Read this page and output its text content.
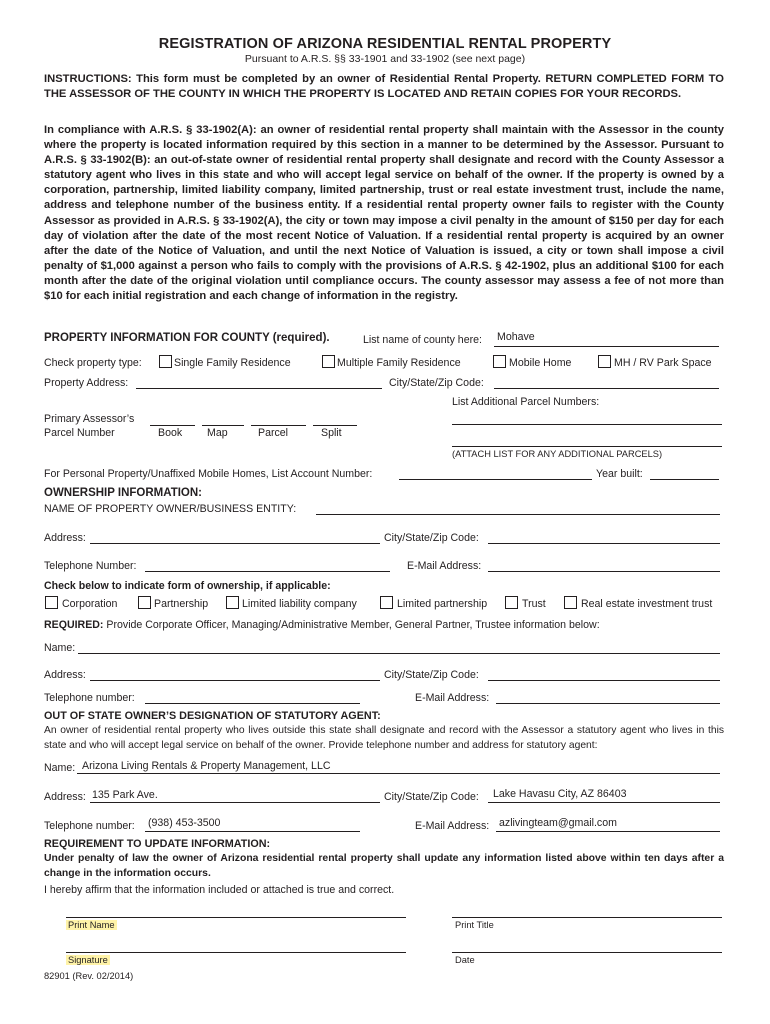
REGISTRATION OF ARIZONA RESIDENTIAL RENTAL PROPERTY
Pursuant to A.R.S. §§ 33-1901 and 33-1902 (see next page)
INSTRUCTIONS: This form must be completed by an owner of Residential Rental Property. RETURN COMPLETED FORM TO THE ASSESSOR OF THE COUNTY IN WHICH THE PROPERTY IS LOCATED AND RETAIN COPIES FOR YOUR RECORDS.
In compliance with A.R.S. § 33-1902(A): an owner of residential rental property shall maintain with the Assessor in the county where the property is located information required by this section in a manner to be determined by the Assessor. Pursuant to A.R.S. § 33-1902(B): an out-of-state owner of residential rental property shall designate and record with the County Assessor a statutory agent who lives in this state and who will accept legal service on behalf of the owner. If the property is owned by a corporation, partnership, limited liability company, limited partnership, trust or real estate investment trust, include the name, address and telephone number of the business entity. If a residential rental property owner fails to register with the County Assessor as provided in A.R.S. § 33-1902(A), the city or town may impose a civil penalty in the amount of $150 per day for each day of violation after the date of the most recent Notice of Valuation. If a residential rental property is acquired by an owner after the date of the Notice of Valuation, and until the next Notice of Valuation is issued, a city or town shall impose a civil penalty of $1,000 against a person who fails to comply with the provisions of A.R.S. § 42-1902, plus an additional $100 for each month after the date of the original violation until compliance occurs. The county assessor may assess a fee of not more than $10 for each initial registration and each change of information in the registry.
PROPERTY INFORMATION FOR COUNTY (required).	List name of county here: Mohave
Check property type:	Single Family Residence	Multiple Family Residence	Mobile Home	MH / RV Park Space
Property Address:	City/State/Zip Code:
List Additional Parcel Numbers:
Primary Assessor’s
Parcel Number	Book Map	Parcel	Split
(ATTACH LIST FOR ANY ADDITIONAL PARCELS)
For Personal Property/Unaffixed Mobile Homes, List Account Number:	Year built:
OWNERSHIP INFORMATION:
NAME OF PROPERTY OWNER/BUSINESS ENTITY:
Address:	City/State/Zip Code:
Telephone Number:	E-Mail Address:
Check below to indicate form of ownership, if applicable:
Corporation	Partnership	Limited liability company	Limited partnership	Trust	Real estate investment trust
REQUIRED: Provide Corporate Officer, Managing/Administrative Member, General Partner, Trustee information below:
Name:
Address:	City/State/Zip Code:
Telephone number:	E-Mail Address:
OUT OF STATE OWNER’S DESIGNATION OF STATUTORY AGENT:
An owner of residential rental property who lives outside this state shall designate and record with the Assessor a statutory agent who lives in this state and who will accept legal service on behalf of the owner. Provide telephone number and address for statutory agent:
Name: Arizona Living Rentals & Property Management, LLC
Address: 135 Park Ave.	City/State/Zip Code: Lake Havasu City, AZ 86403
Telephone number: (938) 453-3500	E-Mail Address: azlivingteam@gmail.com
REQUIREMENT TO UPDATE INFORMATION:
Under penalty of law the owner of Arizona residential rental property shall update any information listed above within ten days after a change in the information occurs.
I hereby affirm that the information included or attached is true and correct.
Print Name	Print Title
Signature	Date
82901 (Rev. 02/2014)
